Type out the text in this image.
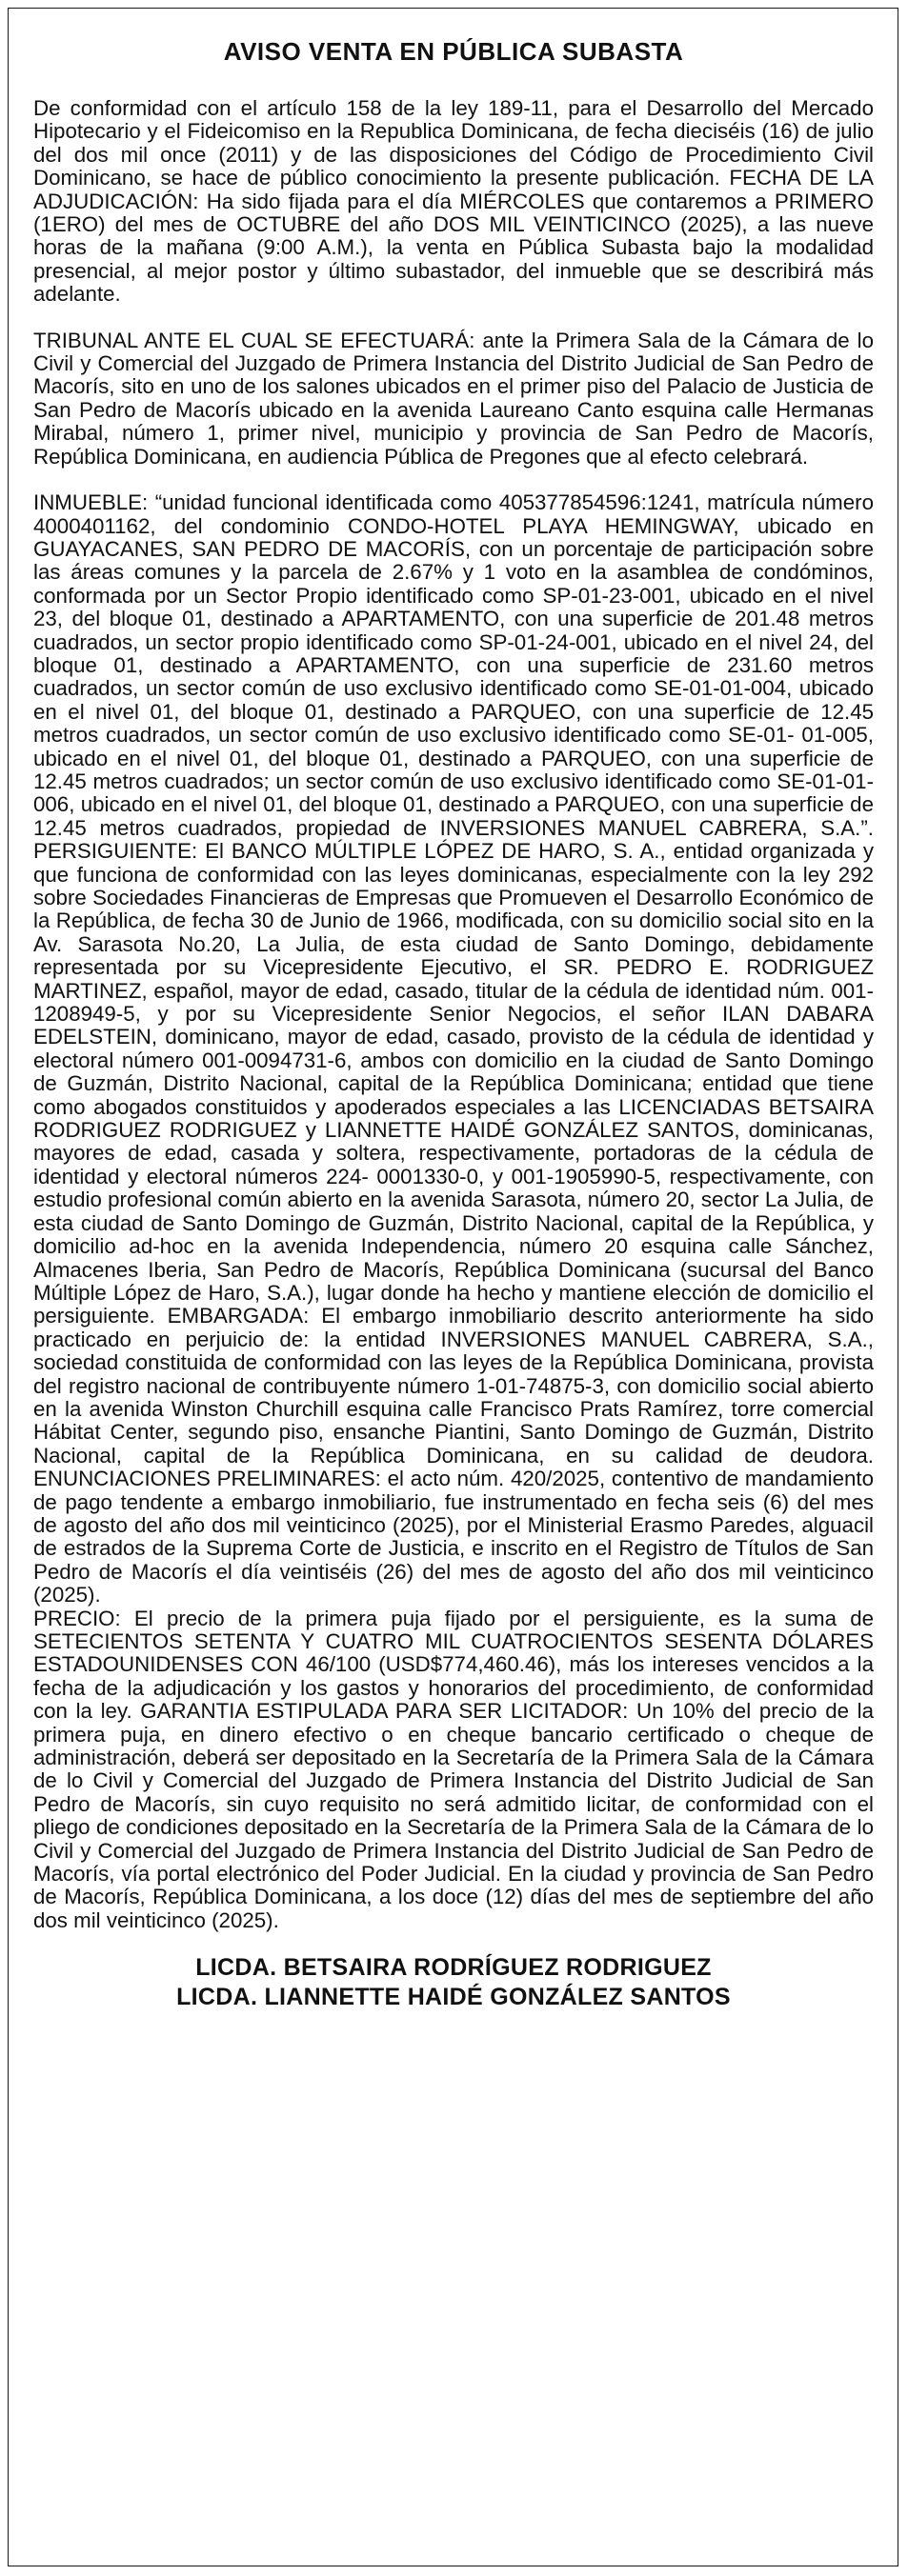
AVISO VENTA EN PÚBLICA SUBASTA

De conformidad con el artículo 158 de la ley 189-11, para el Desarrollo del Mercado Hipotecario y el Fideicomiso en la Republica Dominicana, de fecha dieciséis (16) de julio del dos mil once (2011) y de las disposiciones del Código de Procedimiento Civil Dominicano, se hace de público conocimiento la presente publicación. FECHA DE LA ADJUDICACIÓN: Ha sido fijada para el día MIÉRCOLES que contaremos a PRIMERO (1ERO) del mes de OCTUBRE del año DOS MIL VEINTICINCO (2025), a las nueve horas de la mañana (9:00 A.M.), la venta en Pública Subasta bajo la modalidad presencial, al mejor postor y último subastador, del inmueble que se describirá más adelante.

TRIBUNAL ANTE EL CUAL SE EFECTUARÁ: ante la Primera Sala de la Cámara de lo Civil y Comercial del Juzgado de Primera Instancia del Distrito Judicial de San Pedro de Macorís, sito en uno de los salones ubicados en el primer piso del Palacio de Justicia de San Pedro de Macorís ubicado en la avenida Laureano Canto esquina calle Hermanas Mirabal, número 1, primer nivel, municipio y provincia de San Pedro de Macorís, República Dominicana, en audiencia Pública de Pregones que al efecto celebrará.

INMUEBLE: “unidad funcional identificada como 405377854596:1241, matrícula número 4000401162, del condominio CONDO-HOTEL PLAYA HEMINGWAY, ubicado en GUAYACANES, SAN PEDRO DE MACORÍS, con un porcentaje de participación sobre las áreas comunes y la parcela de 2.67% y 1 voto en la asamblea de condóminos, conformada por un Sector Propio identificado como SP-01-23-001, ubicado en el nivel 23, del bloque 01, destinado a APARTAMENTO, con una superficie de 201.48 metros cuadrados, un sector propio identificado como SP-01-24-001, ubicado en el nivel 24, del bloque 01, destinado a APARTAMENTO, con una superficie de 231.60 metros cuadrados, un sector común de uso exclusivo identificado como SE-01-01-004, ubicado en el nivel 01, del bloque 01, destinado a PARQUEO, con una superficie de 12.45 metros cuadrados, un sector común de uso exclusivo identificado como SE-01- 01-005, ubicado en el nivel 01, del bloque 01, destinado a PARQUEO, con una superficie de 12.45 metros cuadrados; un sector común de uso exclusivo identificado como SE-01-01-006, ubicado en el nivel 01, del bloque 01, destinado a PARQUEO, con una superficie de 12.45 metros cuadrados, propiedad de INVERSIONES MANUEL CABRERA, S.A.”. PERSIGUIENTE: El BANCO MÚLTIPLE LÓPEZ DE HARO, S. A., entidad organizada y que funciona de conformidad con las leyes dominicanas, especialmente con la ley 292 sobre Sociedades Financieras de Empresas que Promueven el Desarrollo Económico de la República, de fecha 30 de Junio de 1966, modificada, con su domicilio social sito en la Av. Sarasota No.20, La Julia, de esta ciudad de Santo Domingo, debidamente representada por su Vicepresidente Ejecutivo, el SR. PEDRO E. RODRIGUEZ MARTINEZ, español, mayor de edad, casado, titular de la cédula de identidad núm. 001-1208949-5, y por su Vicepresidente Senior Negocios, el señor ILAN DABARA EDELSTEIN, dominicano, mayor de edad, casado, provisto de la cédula de identidad y electoral número 001-0094731-6, ambos con domicilio en la ciudad de Santo Domingo de Guzmán, Distrito Nacional, capital de la República Dominicana; entidad que tiene como abogados constituidos y apoderados especiales a las LICENCIADAS BETSAIRA RODRIGUEZ RODRIGUEZ y LIANNETTE HAIDÉ GONZÁLEZ SANTOS, dominicanas, mayores de edad, casada y soltera, respectivamente, portadoras de la cédula de identidad y electoral números 224- 0001330-0, y 001-1905990-5, respectivamente, con estudio profesional común abierto en la avenida Sarasota, número 20, sector La Julia, de esta ciudad de Santo Domingo de Guzmán, Distrito Nacional, capital de la República, y domicilio ad-hoc en la avenida Independencia, número 20 esquina calle Sánchez, Almacenes Iberia, San Pedro de Macorís, República Dominicana (sucursal del Banco Múltiple López de Haro, S.A.), lugar donde ha hecho y mantiene elección de domicilio el persiguiente. EMBARGADA: El embargo inmobiliario descrito anteriormente ha sido practicado en perjuicio de: la entidad INVERSIONES MANUEL CABRERA, S.A., sociedad constituida de conformidad con las leyes de la República Dominicana, provista del registro nacional de contribuyente número 1-01-74875-3, con domicilio social abierto en la avenida Winston Churchill esquina calle Francisco Prats Ramírez, torre comercial Hábitat Center, segundo piso, ensanche Piantini, Santo Domingo de Guzmán, Distrito Nacional, capital de la República Dominicana, en su calidad de deudora. ENUNCIACIONES PRELIMINARES: el acto núm. 420/2025, contentivo de mandamiento de pago tendente a embargo inmobiliario, fue instrumentado en fecha seis (6) del mes de agosto del año dos mil veinticinco (2025), por el Ministerial Erasmo Paredes, alguacil de estrados de la Suprema Corte de Justicia, e inscrito en el Registro de Títulos de San Pedro de Macorís el día veintiséis (26) del mes de agosto del año dos mil veinticinco (2025).

PRECIO: El precio de la primera puja fijado por el persiguiente, es la suma de SETECIENTOS SETENTA Y CUATRO MIL CUATROCIENTOS SESENTA DÓLARES ESTADOUNIDENSES CON 46/100 (USD$774,460.46), más los intereses vencidos a la fecha de la adjudicación y los gastos y honorarios del procedimiento, de conformidad con la ley. GARANTIA ESTIPULADA PARA SER LICITADOR: Un 10% del precio de la primera puja, en dinero efectivo o en cheque bancario certificado o cheque de administración, deberá ser depositado en la Secretaría de la Primera Sala de la Cámara de lo Civil y Comercial del Juzgado de Primera Instancia del Distrito Judicial de San Pedro de Macorís, sin cuyo requisito no será admitido licitar, de conformidad con el pliego de condiciones depositado en la Secretaría de la Primera Sala de la Cámara de lo Civil y Comercial del Juzgado de Primera Instancia del Distrito Judicial de San Pedro de Macorís, vía portal electrónico del Poder Judicial. En la ciudad y provincia de San Pedro de Macorís, República Dominicana, a los doce (12) días del mes de septiembre del año dos mil veinticinco (2025).

LICDA. BETSAIRA RODRÍGUEZ RODRIGUEZ
LICDA. LIANNETTE HAIDÉ GONZÁLEZ SANTOS
